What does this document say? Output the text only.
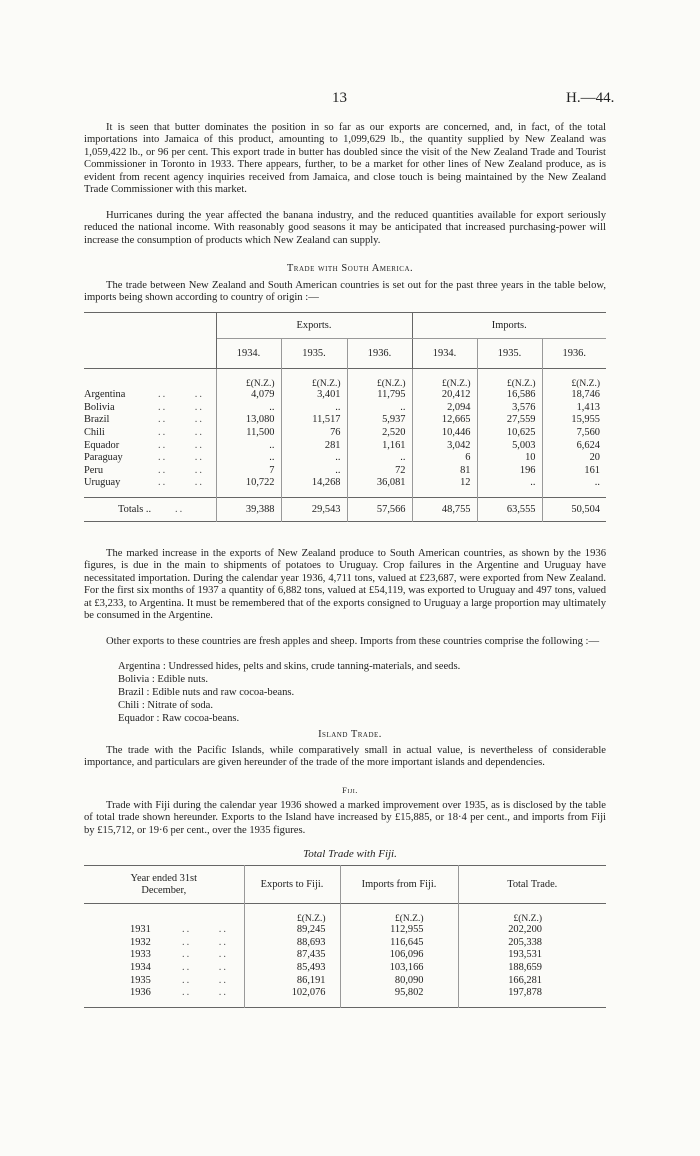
13	H.—44.

It is seen that butter dominates the position in so far as our exports are concerned, and, in fact, of the total importations into Jamaica of this product, amounting to 1,099,629 lb., the quantity supplied by New Zealand was 1,059,422 lb., or 96 per cent. This export trade in butter has doubled since the visit of the New Zealand Trade and Tourist Commissioner in Toronto in 1933. There appears, further, to be a market for other lines of New Zealand produce, as is evident from recent agency inquiries received from Jamaica, and close touch is being maintained by the New Zealand Trade Commissioner with this market.

Hurricanes during the year affected the banana industry, and the reduced quantities available for export seriously reduced the national income. With reasonably good seasons it may be anticipated that increased purchasing-power will increase the consumption of products which New Zealand can supply.

Trade with South America.

The trade between New Zealand and South American countries is set out for the past three years in the table below, imports being shown according to country of origin :—

	Exports.			Imports.		
	1934.	1935.	1936.	1934.	1935.	1936.
	£(N.Z.)	£(N.Z.)	£(N.Z.)	£(N.Z.)	£(N.Z.)	£(N.Z.)
Argentina ..      ..	4,079	3,401	11,795	20,412	16,586	18,746
Bolivia ..      ..	..	..	..	2,094	3,576	1,413
Brazil ..      ..	13,080	11,517	5,937	12,665	27,559	15,955
Chili ..      ..	11,500	76	2,520	10,446	10,625	7,560
Equador ..      ..	..	281	1,161	3,042	5,003	6,624
Paraguay ..      ..	..	..	..	6	10	20
Peru ..      ..	7	..	72	81	196	161
Uruguay ..      ..	10,722	14,268	36,081	12	..	..

Totals .. ..	39,388	29,543	57,566	48,755	63,555	50,504

The marked increase in the exports of New Zealand produce to South American countries, as shown by the 1936 figures, is due in the main to shipments of potatoes to Uruguay. Crop failures in the Argentine and Uruguay have necessitated importation. During the calendar year 1936, 4,711 tons, valued at £23,687, were exported from New Zealand. For the first six months of 1937 a quantity of 6,882 tons, valued at £54,119, was exported to Uruguay and 497 tons, valued at £3,233, to Argentina. It must be remembered that of the exports consigned to Uruguay a large proportion may ultimately be consumed in the Argentine.

Other exports to these countries are fresh apples and sheep. Imports from these countries comprise the following :—

Argentina : Undressed hides, pelts and skins, crude tanning-materials, and seeds.
Bolivia : Edible nuts.
Brazil : Edible nuts and raw cocoa-beans.
Chili : Nitrate of soda.
Equador : Raw cocoa-beans.
Island Trade.

The trade with the Pacific Islands, while comparatively small in actual value, is nevertheless of considerable importance, and particulars are given hereunder of the trade of the more important islands and dependencies.

Fiji.

Trade with Fiji during the calendar year 1936 showed a marked improvement over 1935, as is disclosed by the table of total trade shown hereunder. Exports to the Island have increased by £15,885, or 18·4 per cent., and imports from Fiji by £15,712, or 19·6 per cent., over the 1935 figures.

Total Trade with Fiji.
Year ended 31st December,	Exports to Fiji.	Imports from Fiji.	Total Trade.
	£(N.Z.)	£(N.Z.)	£(N.Z.)
1931 ..      ..	89,245	112,955	202,200
1932 ..      ..	88,693	116,645	205,338
1933 ..      ..	87,435	106,096	193,531
1934 ..      ..	85,493	103,166	188,659
1935 ..      ..	86,191	80,090	166,281
1936 ..      ..	102,076	95,802	197,878
